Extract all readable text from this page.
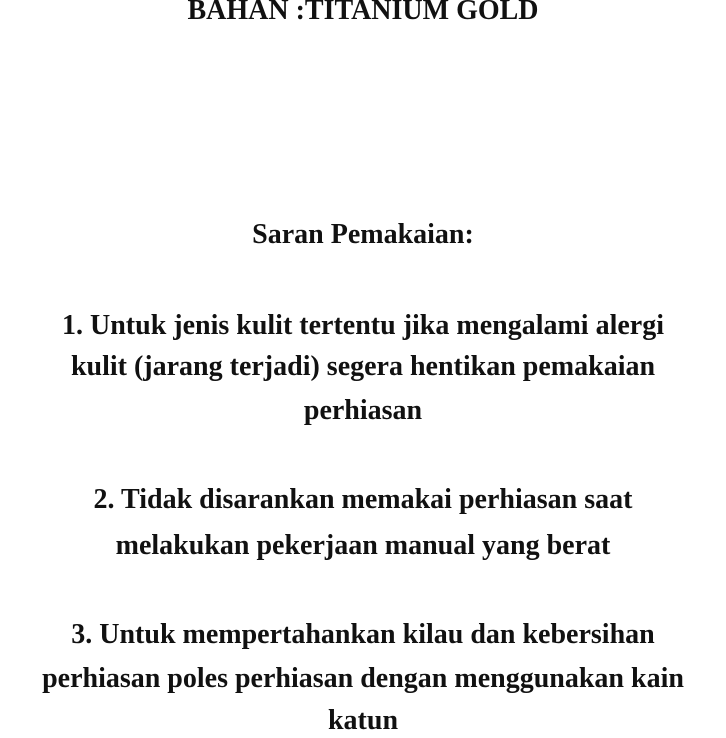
BAHAN :TITANIUM GOLD
Saran Pemakaian:
1. Untuk jenis kulit tertentu jika mengalami alergi
kulit (jarang terjadi) segera hentikan pemakaian
perhiasan
2. Tidak disarankan memakai perhiasan saat
melakukan pekerjaan manual yang berat
3. Untuk mempertahankan kilau dan kebersihan
perhiasan poles perhiasan dengan menggunakan kain
katun
